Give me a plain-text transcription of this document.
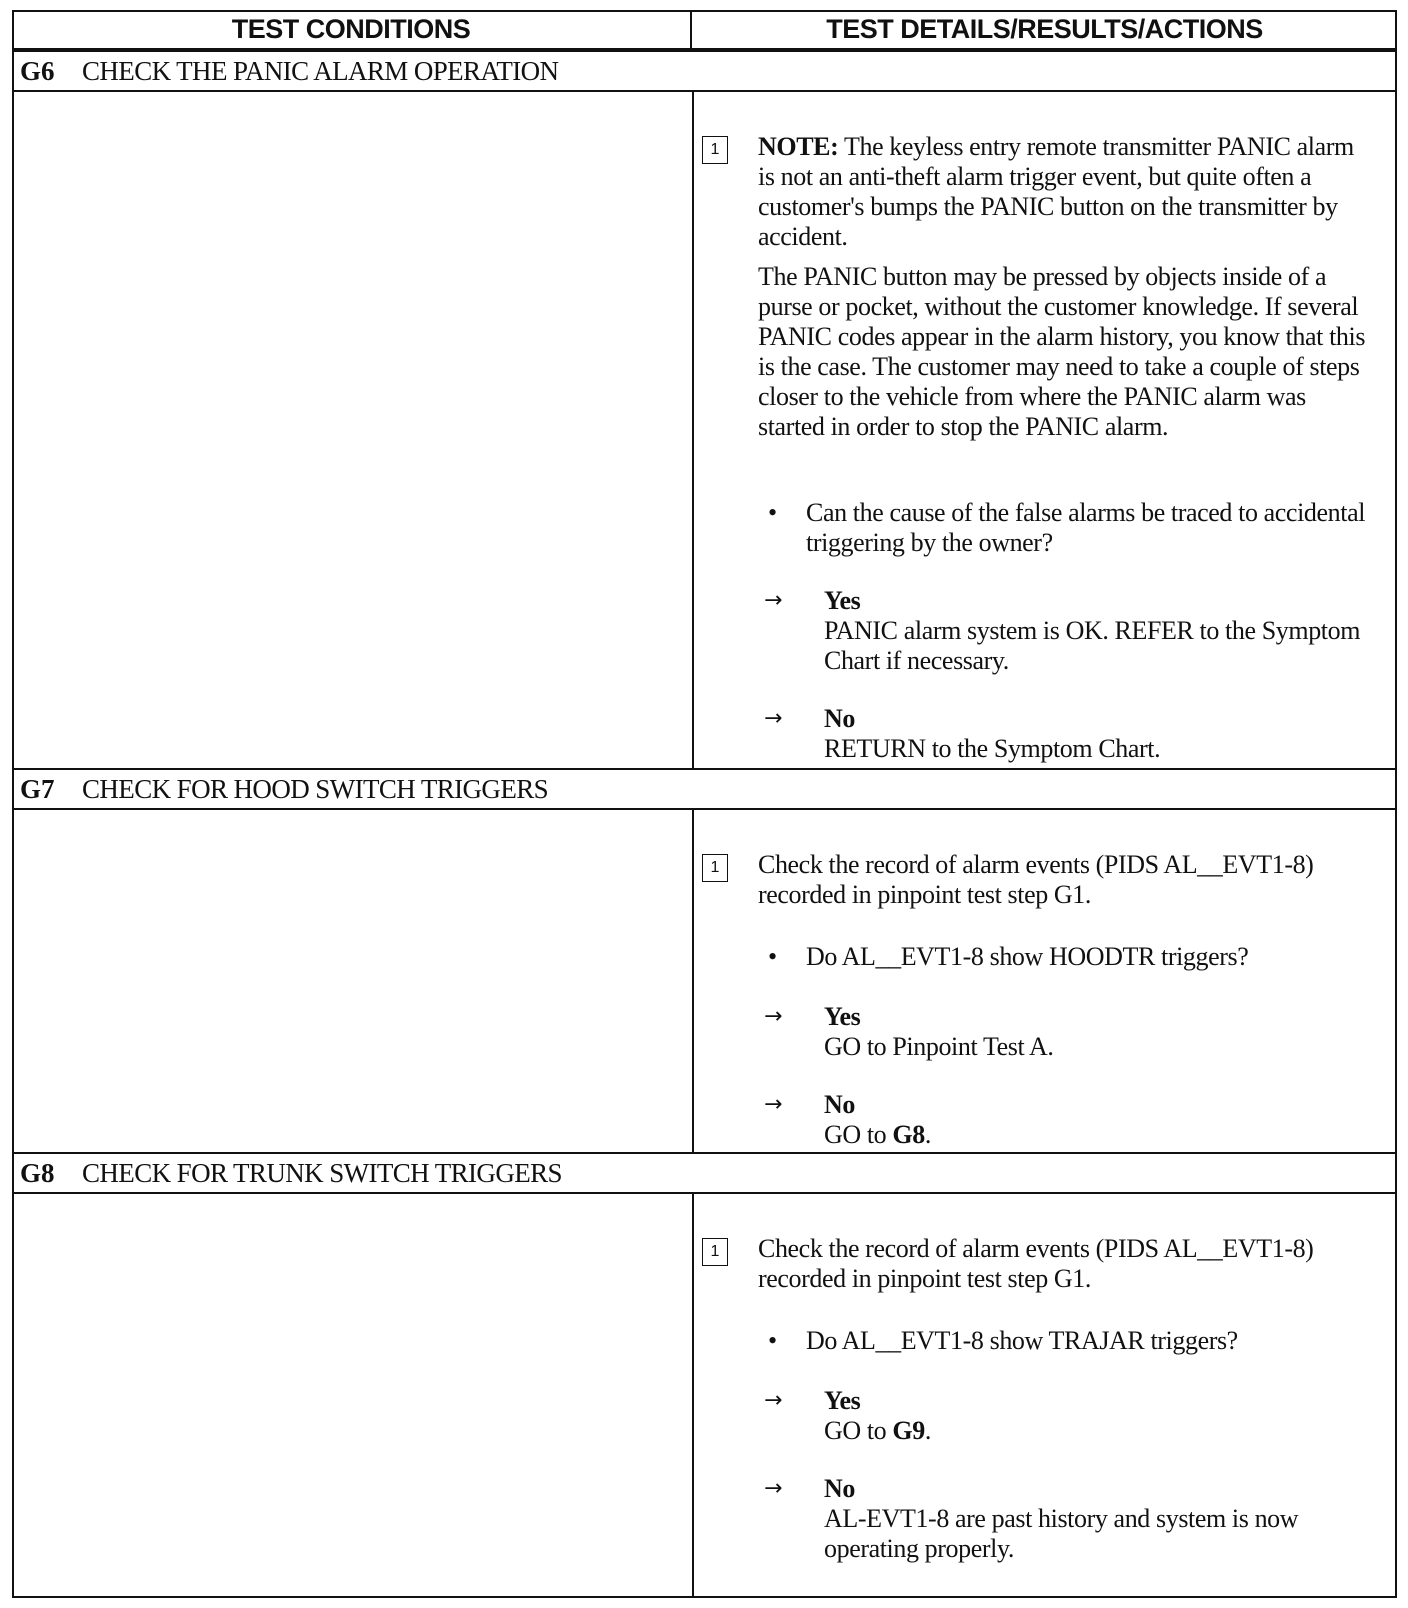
TEST CONDITIONS	TEST DETAILS/RESULTS/ACTIONS
G6	CHECK THE PANIC ALARM OPERATION
1	NOTE: The keyless entry remote transmitter PANIC alarm is not an anti-theft alarm trigger event, but quite often a customer's bumps the PANIC button on the transmitter by accident.
The PANIC button may be pressed by objects inside of a purse or pocket, without the customer knowledge. If several PANIC codes appear in the alarm history, you know that this is the case. The customer may need to take a couple of steps closer to the vehicle from where the PANIC alarm was started in order to stop the PANIC alarm.
• Can the cause of the false alarms be traced to accidental triggering by the owner?
→	Yes
PANIC alarm system is OK. REFER to the Symptom Chart if necessary.
→	No
RETURN to the Symptom Chart.
G7	CHECK FOR HOOD SWITCH TRIGGERS
1	Check the record of alarm events (PIDS AL__EVT1-8) recorded in pinpoint test step G1.
• Do AL__EVT1-8 show HOODTR triggers?
→	Yes
GO to Pinpoint Test A.
→	No
GO to G8.
G8	CHECK FOR TRUNK SWITCH TRIGGERS
1	Check the record of alarm events (PIDS AL__EVT1-8) recorded in pinpoint test step G1.
• Do AL__EVT1-8 show TRAJAR triggers?
→	Yes
GO to G9.
→	No
AL-EVT1-8 are past history and system is now operating properly.
